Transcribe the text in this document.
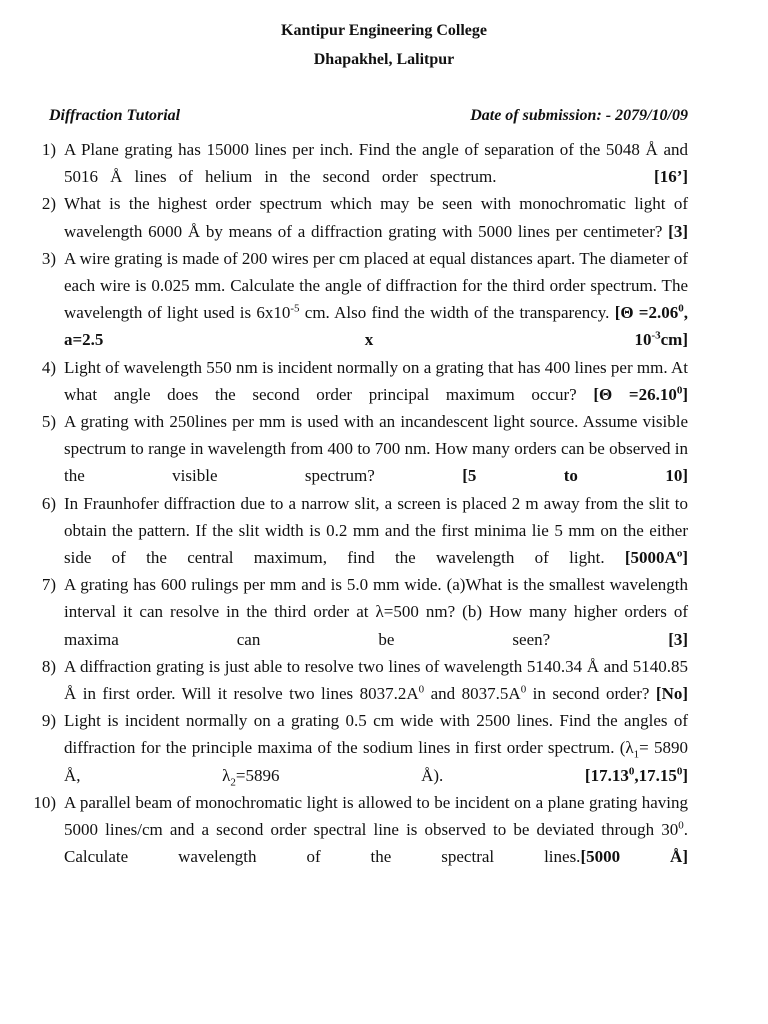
Kantipur Engineering College
Dhapakhel, Lalitpur
Diffraction Tutorial	Date of submission: - 2079/10/09
1) A Plane grating has 15000 lines per inch. Find the angle of separation of the 5048 Å and 5016 Å lines of helium in the second order spectrum.	[16’]
2) What is the highest order spectrum which may be seen with monochromatic light of wavelength 6000 Å by means of a diffraction grating with 5000 lines per centimeter? [3]
3) A wire grating is made of 200 wires per cm placed at equal distances apart. The diameter of each wire is 0.025 mm. Calculate the angle of diffraction for the third order spectrum. The wavelength of light used is $6x10^{-5}$ cm. Also find the width of the transparency. [$\Theta =2.06^0$, a=2.5 x $10^{-3}cm$]
4) Light of wavelength 550 nm is incident normally on a grating that has 400 lines per mm. At what angle does the second order principal maximum occur? $[\Theta =26.10^0]$
5) A grating with 250lines per mm is used with an incandescent light source. Assume visible spectrum to range in wavelength from 400 to 700 nm. How many orders can be observed in the visible spectrum?	[5 to 10]
6) In Fraunhofer diffraction due to a narrow slit, a screen is placed 2 m away from the slit to obtain the pattern. If the slit width is 0.2 mm and the first minima lie 5 mm on the either side of the central maximum, find the wavelength of light. $[5000A^o]$
7) A grating has 600 rulings per mm and is 5.0 mm wide. (a)What is the smallest wavelength interval it can resolve in the third order at λ=500 nm? (b) How many higher orders of maxima can be seen?	[3]
8) A diffraction grating is just able to resolve two lines of wavelength 5140.34 Å and 5140.85 Å in first order. Will it resolve two lines $8037.2A^0$ and $8037.5A^0$ in second order? [No]
9) Light is incident normally on a grating 0.5 cm wide with 2500 lines. Find the angles of diffraction for the principle maxima of the sodium lines in first order spectrum. ($\lambda_1= 5890$ Å, $\lambda_2=5896$ Å).	[17.13$^0$,17.15$^0$]
10) A parallel beam of monochromatic light is allowed to be incident on a plane grating having 5000 lines/cm and a second order spectral line is observed to be deviated through $30^0$. Calculate wavelength of the spectral lines.[5000 Å]
